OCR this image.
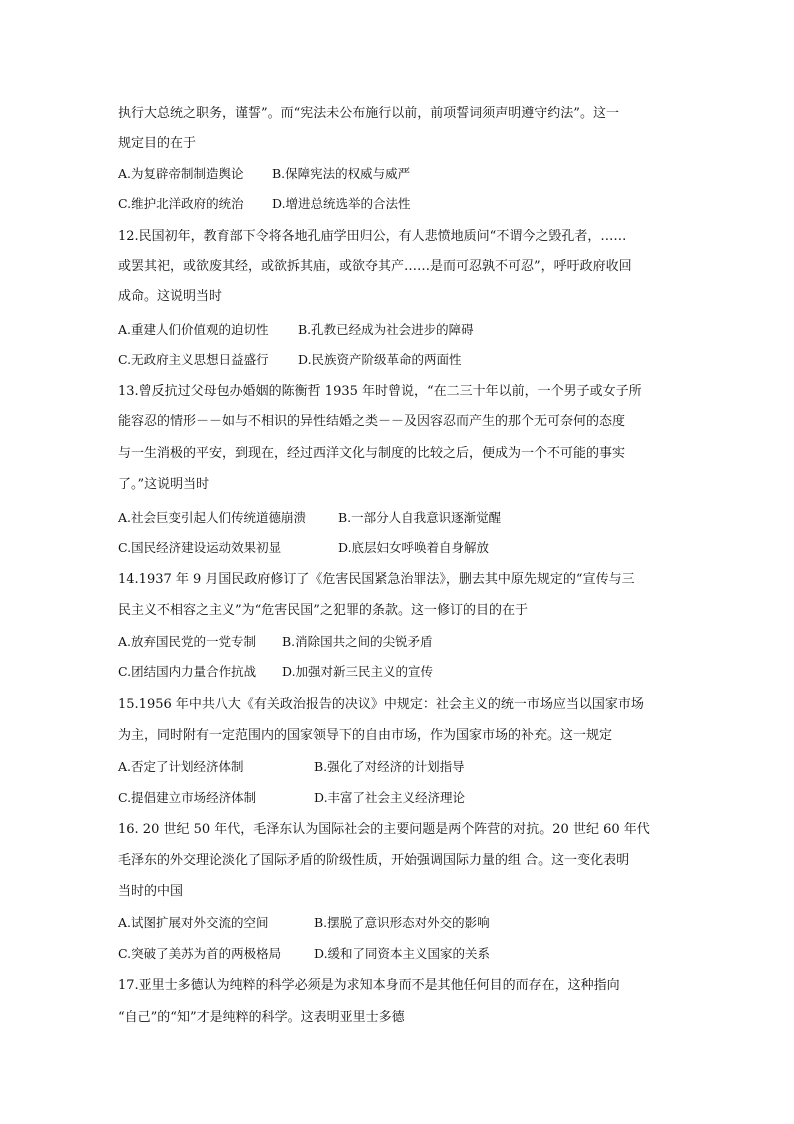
执行大总统之职务，谨誓”。而“宪法未公布施行以前，前项誓词须声明遵守约法”。这一
规定目的在于
A.为复辟帝制制造舆论 B.保障宪法的权威与威严
C.维护北洋政府的统治 D.增进总统选举的合法性
12.民国初年，教育部下令将各地孔庙学田归公，有人悲愤地质问“不谓今之毁孔者，……
或罢其祀，或欲废其经，或欲拆其庙，或欲夺其产……是而可忍孰不可忍”，呼吁政府收回
成命。这说明当时
A.重建人们价值观的迫切性 B.孔教已经成为社会进步的障碍
C.无政府主义思想日益盛行 D.民族资产阶级革命的两面性
13.曾反抗过父母包办婚姻的陈衡哲 1935 年时曾说，“在二三十年以前，一个男子或女子所
能容忍的情形－－如与不相识的异性结婚之类－－及因容忍而产生的那个无可奈何的态度
与一生消极的平安，到现在，经过西洋文化与制度的比较之后，便成为一个不可能的事实
了。”这说明当时
A.社会巨变引起人们传统道德崩溃	B.一部分人自我意识逐渐觉醒
C.国民经济建设运动效果初显	D.底层妇女呼唤着自身解放
14.1937 年 9 月国民政府修订了《危害民国紧急治罪法》，删去其中原先规定的“宣传与三
民主义不相容之主义”为“危害民国”之犯罪的条款。这一修订的目的在于
A.放弃国民党的一党专制 B.消除国共之间的尖锐矛盾
C.团结国内力量合作抗战 D.加强对新三民主义的宣传
15.1956 年中共八大《有关政治报告的决议》中规定：社会主义的统一市场应当以国家市场
为主，同时附有一定范围内的国家领导下的自由市场，作为国家市场的补充。这一规定
A.否定了计划经济体制	B.强化了对经济的计划指导
C.提倡建立市场经济体制	D.丰富了社会主义经济理论
16. 20 世纪 50 年代，毛泽东认为国际社会的主要问题是两个阵营的对抗。20 世纪 60 年代
毛泽东的外交理论淡化了国际矛盾的阶级性质，开始强调国际力量的组 合。这一变化表明
当时的中国
A.试图扩展对外交流的空间	B.摆脱了意识形态对外交的影响
C.突破了美苏为首的两极格局	D.缓和了同资本主义国家的关系
17.亚里士多德认为纯粹的科学必须是为求知本身而不是其他任何目的而存在，这种指向
“自己”的“知”才是纯粹的科学。这表明亚里士多德
